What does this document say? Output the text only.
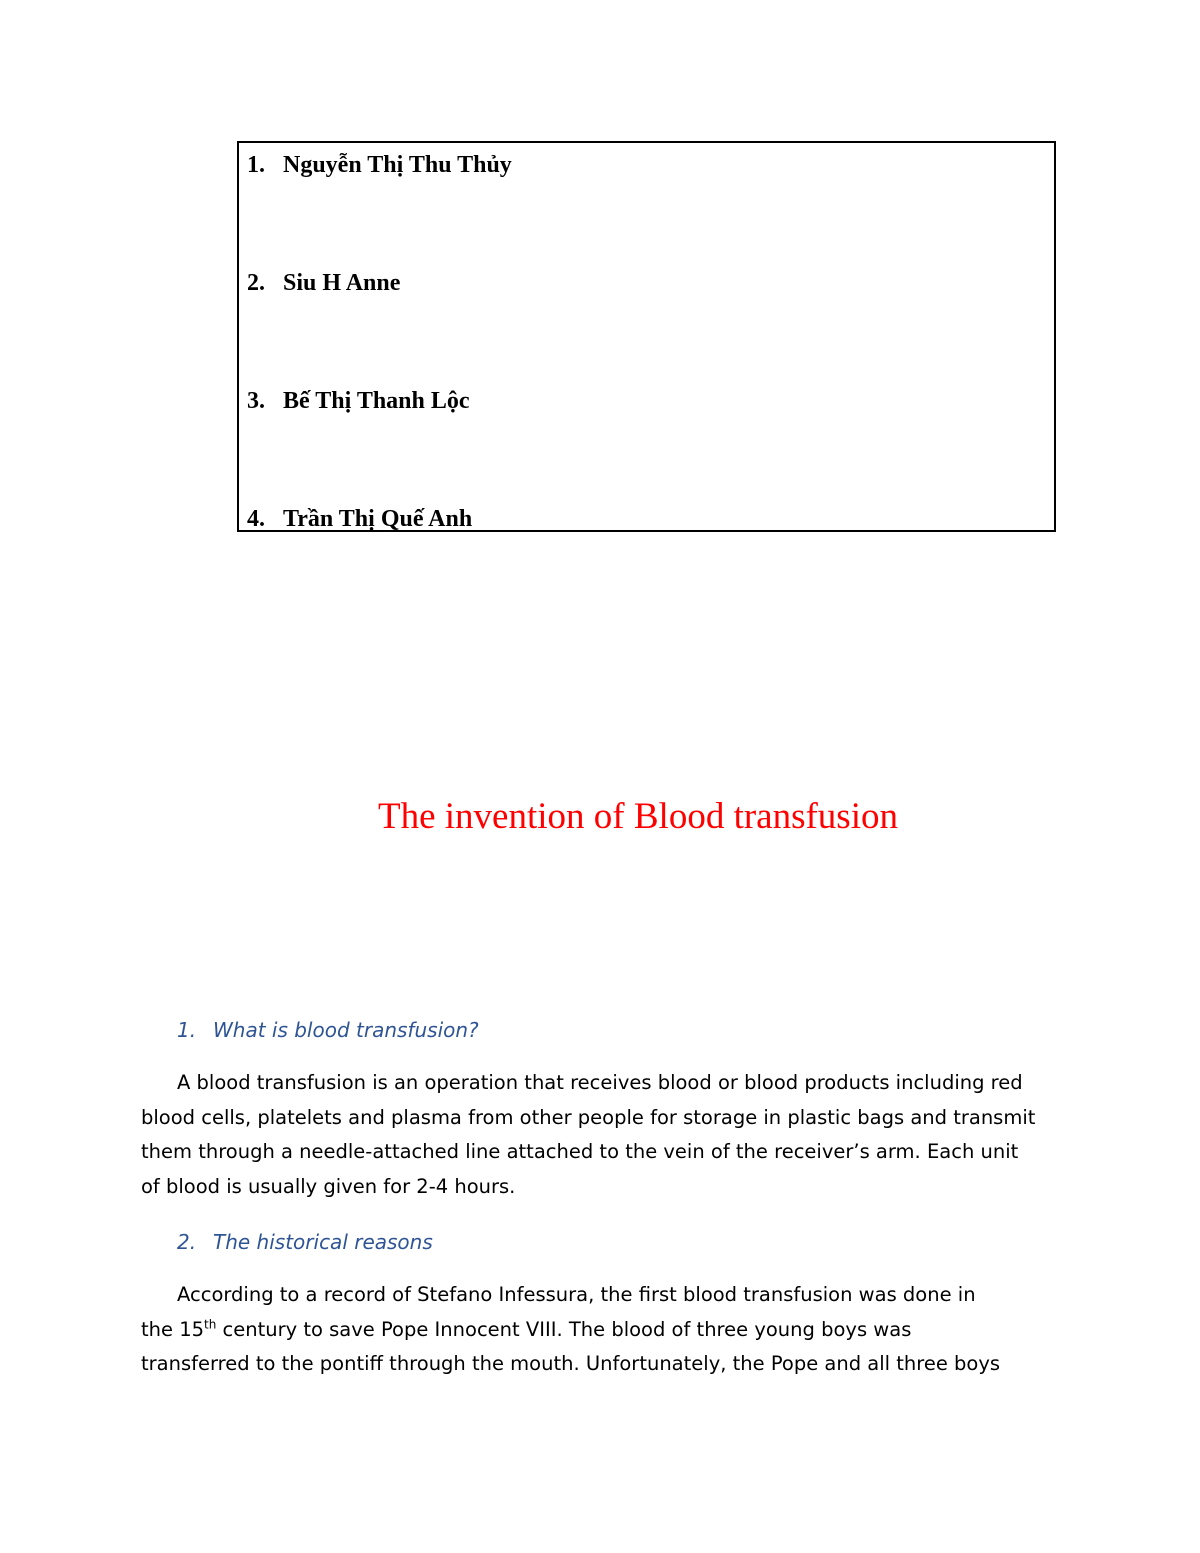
1. Nguyễn Thị Thu Thủy
2. Siu H Anne
3. Bế Thị Thanh Lộc
4. Trần Thị Quế Anh
The invention of Blood transfusion
1. What is blood transfusion?
A blood transfusion is an operation that receives blood or blood products including red
blood cells, platelets and plasma from other people for storage in plastic bags and transmit
them through a needle-attached line attached to the vein of the receiver’s arm. Each unit
of blood is usually given for 2-4 hours.
2. The historical reasons
According to a record of Stefano Infessura, the first blood transfusion was done in
the 15th century to save Pope Innocent VIII. The blood of three young boys was
transferred to the pontiff through the mouth. Unfortunately, the Pope and all three boys
